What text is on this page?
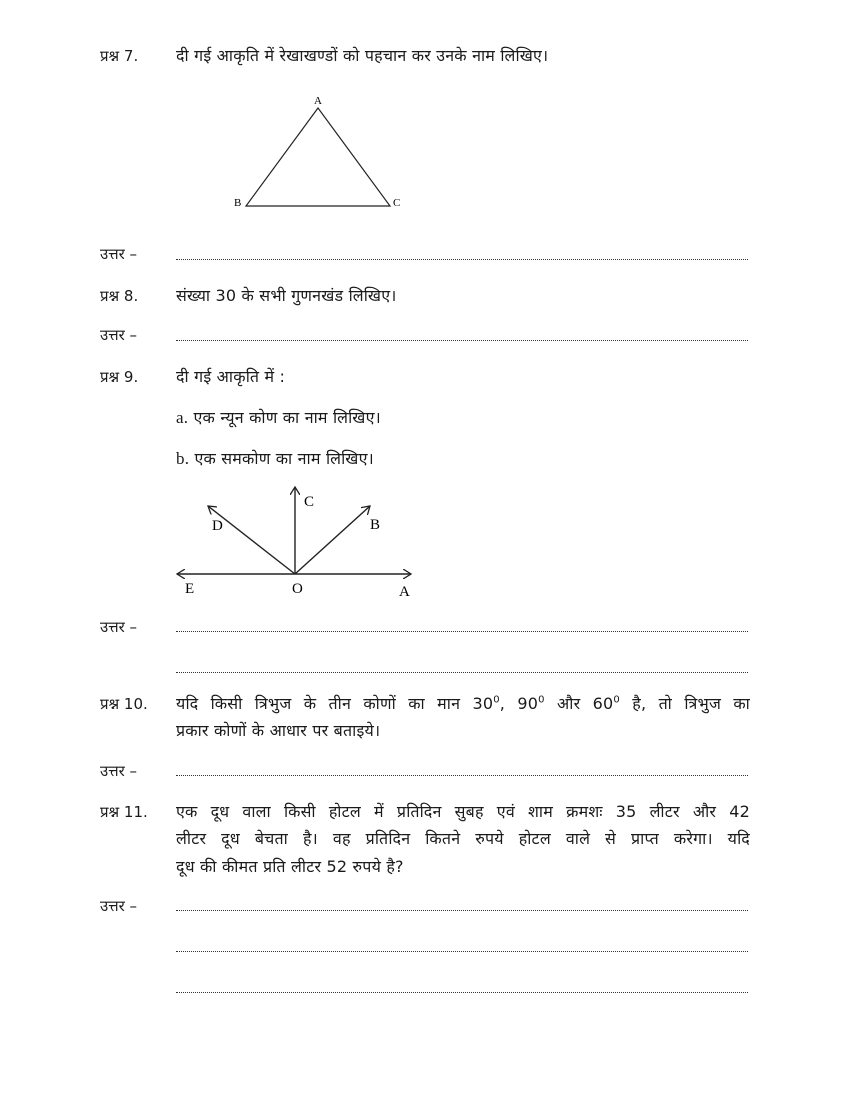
प्रश्न 7. दी गई आकृति में रेखाखण्डों को पहचान कर उनके नाम लिखिए।
A
B	C
उत्तर –
प्रश्न 8. संख्या 30 के सभी गुणनखंड लिखिए।
उत्तर –
प्रश्न 9. दी गई आकृति में :
a. एक न्यून कोण का नाम लिखिए।
b. एक समकोण का नाम लिखिए।
C
D	B
E	O	A
उत्तर –
प्रश्न 10. यदि किसी त्रिभुज के तीन कोणों का मान $30^0$, $90^0$ और $60^0$ है, तो त्रिभुज का
प्रकार कोणों के आधार पर बताइये।
उत्तर –
प्रश्न 11. एक दूध वाला किसी होटल में प्रतिदिन सुबह एवं शाम क्रमशः 35 लीटर और 42
लीटर दूध बेचता है। वह प्रतिदिन कितने रुपये होटल वाले से प्राप्त करेगा। यदि
दूध की कीमत प्रति लीटर 52 रुपये है?
उत्तर –
